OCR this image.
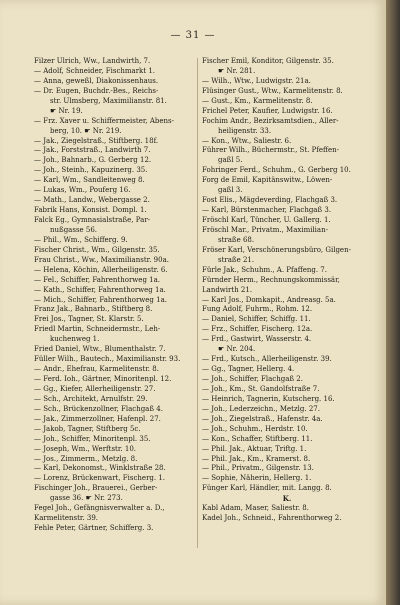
— 31 —
Filzer Ulrich, Ww., Landwirth, 7.
— Adolf, Schneider, Fischmarkt 1.
— Anna, geweßl, Diakonissenhaus.
— Dr. Eugen, Buchdr.-Bes., Reichs-
str. Ulmsberg, Maximilianstr. 81.
☛ Nr. 19.
— Frz. Xaver u. Schiffermeister, Abens-
berg, 10. ☛ Nr. 219.
— Jak., Ziegelstraß., Stiftberg. 18f.
— Jak., Forststraß., Landwirth 7.
— Joh., Bahnarb., G. Gerberg 12.
— Joh., Steinh., Kapuzinerg. 35.
— Karl, Wm., Sandleitenweg 8.
— Lukas, Wm., Pouferg 16.
— Math., Landw., Webergasse 2.
Fabrik Hans, Konsist. Dompl. 1.
Falck Eg., Gymnasialstraße, Par-
nußgasse 56.
— Phil., Wm., Schifferg. 9.
Fischer Christ., Wm., Gilgenstr. 35.
Frau Christ., Ww., Maximilianstr. 90a.
— Helena, Köchin, Allerheiligenstr. 6.
— Fel., Schiffer, Fahrenthorweg 1a.
— Kath., Schiffer, Fahrenthorweg 1a.
— Mich., Schiffer, Fahrenthorweg 1a.
Franz Jak., Bahnarb., Stiftberg 8.
Frei Jos., Tagner, St. Klarstr. 5.
Friedl Martin, Schneidermstr., Leh-
kuchenweg 1.
Fried Daniel, Wtw., Blumenthalstr. 7.
Füller Wilh., Bautech., Maximilianstr. 93.
— Andr., Ehefrau, Karmelitenstr. 8.
— Ferd. Ioh., Gärtner, Minoritenpl. 12.
— Gg., Kiefer, Allerheiligenstr. 27.
— Sch., Architekt, Arnulfstr. 29.
— Sch., Brückenzollner, Flachgaß 4.
— Jak., Zimmerzollner, Hafenpl. 27.
— Jakob, Tagner, Stiftberg 5c.
— Joh., Schiffer, Minoritenpl. 35.
— Joseph, Wm., Werftstr. 10.
— Jos., Zimmerm., Metzlg. 8.
— Karl, Dekonomst., Winklstraße 28.
— Lorenz, Brückenwart, Fischerg. 1.
Fischinger Joh., Brauerei., Gerber-
gasse 36. ☛ Nr. 273.
Fegel Joh., Gefängnisverwalter a. D.,
Karmelitenstr. 39.
Fehle Peter, Gärtner, Schifferg. 3.
Fischer Emil, Konditor, Gilgenstr. 35.
☛ Nr. 281.
— Wilh., Wtw., Ludwigstr. 21a.
Flüsinger Gust., Wtw., Karmelitenstr. 8.
— Gust., Km., Karmelitenstr. 8.
Frichel Peter, Kaufier, Ludwigstr. 16.
Fochim Andr., Bezirksamtsdien., Aller-
heiligenstr. 33.
— Kon., Wtw., Saliestr. 6.
Führer Wilh., Büchermstr., St. Pfeffen-
gaßl 5.
Fohringer Ferd., Schuhm., G. Gerberg 10.
Forg de Emil, Kapitänswitw., Löwen-
gaßl 3.
Fost Elis., Mägdeverding, Flachgaß 3.
— Karl, Bürstenmacher, Flachgaß 3.
Fröschl Karl, Tüncher, U. Gallerg. 1.
Fröschl Mar., Privatm., Maximilian-
straße 68.
Fröser Karl, Verschönerungsbüro, Gilgen-
straße 21.
Fürle Jak., Schuhm., A. Pfaffeng. 7.
Fürnder Herm., Rechnungskommissär,
Landwirth 21.
— Karl Jos., Domkapit., Andreasg. 5a.
Fung Adolf, Fuhrm., Rohm. 12.
— Daniel, Schiffer, Schiffg. 11.
— Frz., Schiffer, Fischerg. 12a.
— Frd., Gastwirt, Wasserstr. 4.
☛ Nr. 204.
— Frd., Kutsch., Allerheiligenstr. 39.
— Gg., Tagner, Hellerg. 4.
— Joh., Schiffer, Flachgaß 2.
— Joh., Km., St. Gandolfstraße 7.
— Heinrich, Tagnerin, Kutscherg. 16.
— Joh., Lederzeichn., Metzlg. 27.
— Joh., Ziegelstraß., Hafenstr. 4a.
— Joh., Schuhm., Herdstr. 10.
— Kon., Schaffer, Stiftberg. 11.
— Phil. Jak., Aktuar, Triftg. 1.
— Phil. Jak., Km., Kramerst. 8.
— Phil., Privatm., Gilgenstr. 13.
— Sophie, Näherin, Hellerg. 1.
Fünger Karl, Händler, mit. Langg. 8.
K.
Kabl Adam, Maser, Saliestr. 8.
Kadel Joh., Schneid., Fahrenthorweg 2.
